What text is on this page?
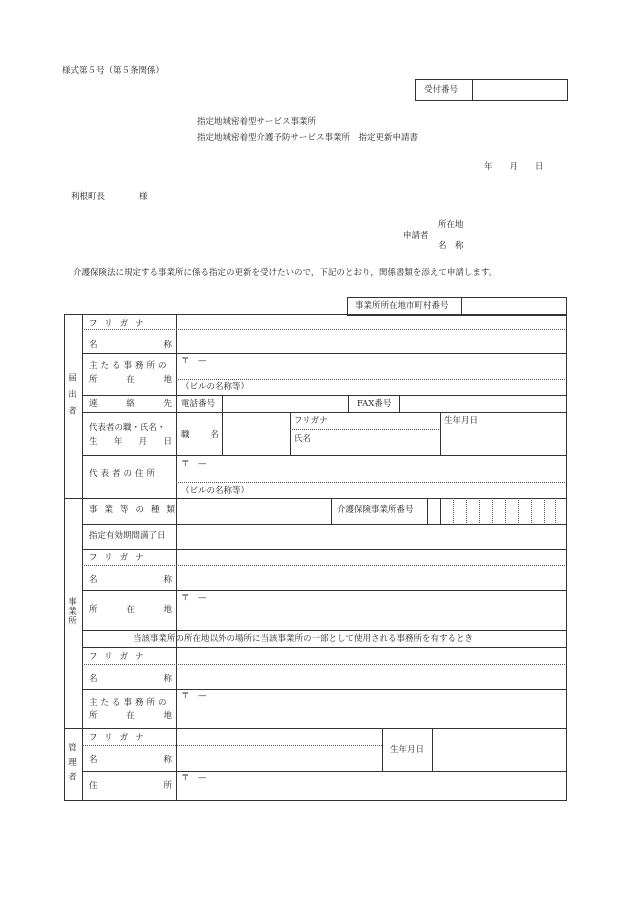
様式第５号（第５条関係）
受付番号
指定地域密着型サービス事業所
指定地域密着型介護予防サービス事業所　指定更新申請書
年　　月　　日
利根町長　　　　様
所在地
申請者
名　称
介護保険法に規定する事業所に係る指定の更新を受けたいので，下記のとおり，関係書類を添えて申請します。
事業所所在地市町村番号
届出者
事業所
管理者
フリガナ
名称
主たる事務所の
所在地
〒　—
（ビルの名称等）
連絡先 電話番号	FAX番号
代表者の職・氏名・
生年月日
職名
フリガナ
氏名
生年月日
代表者の住所
〒　—
（ビルの名称等）
事業等の種類	介護保険事業所番号
指定有効期間満了日
フリガナ
名称
〒　—
所在地
当該事業所の所在地以外の場所に当該事業所の一部として使用される事務所を有するとき
フリガナ
名称
〒　—
主たる事務所の
所在地
フリガナ
名称
生年月日
〒　—
住所
